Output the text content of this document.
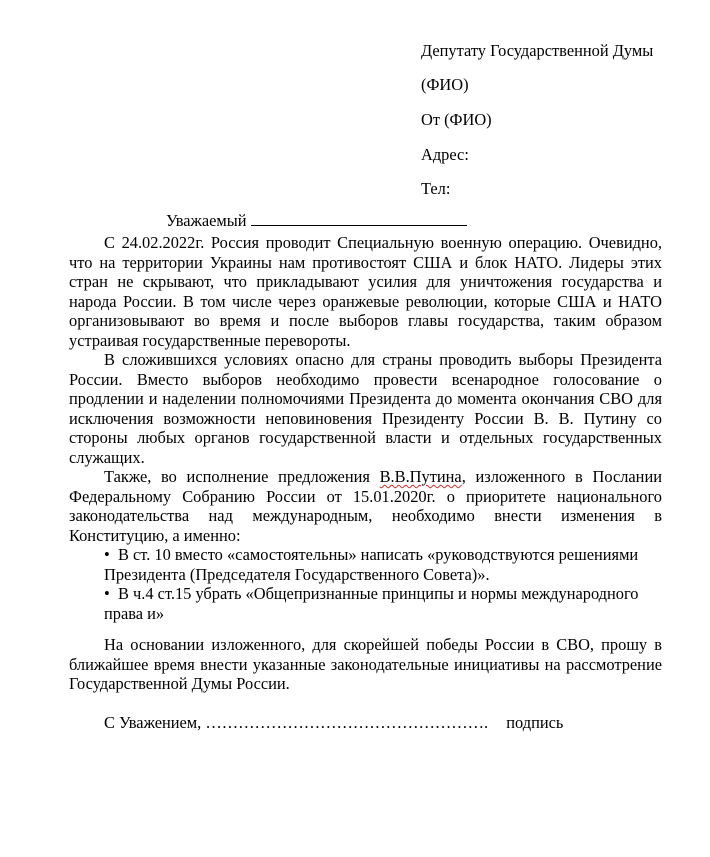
Депутату Государственной Думы

(ФИО)

От (ФИО)

Адрес:

Тел:

Уважаемый

С 24.02.2022г. Россия проводит Специальную военную операцию. Очевидно, что на территории Украины нам противостоят США и блок НАТО. Лидеры этих стран не скрывают, что прикладывают усилия для уничтожения государства и народа России. В том числе через оранжевые революции, которые США и НАТО организовывают во время и после выборов главы государства, таким образом устраивая государственные перевороты.

В сложившихся условиях опасно для страны проводить выборы Президента России. Вместо выборов необходимо провести всенародное голосование о продлении и наделении полномочиями Президента до момента окончания СВО для исключения возможности неповиновения Президенту России В. В. Путину со стороны любых органов государственной власти и отдельных государственных служащих.

Также, во исполнение предложения В.В.Путина, изложенного в Послании Федеральному Собранию России от 15.01.2020г. о приоритете национального законодательства над международным, необходимо внести изменения в Конституцию, а именно:

• В ст. 10 вместо «самостоятельны» написать «руководствуются решениями Президента (Председателя Государственного Совета)».

• В ч.4 ст.15 убрать «Общепризнанные принципы и нормы международного права и»

На основании изложенного, для скорейшей победы России в СВО, прошу в ближайшее время внести указанные законодательные инициативы на рассмотрение Государственной Думы России.

С Уважением, ……………………………………………. подпись
